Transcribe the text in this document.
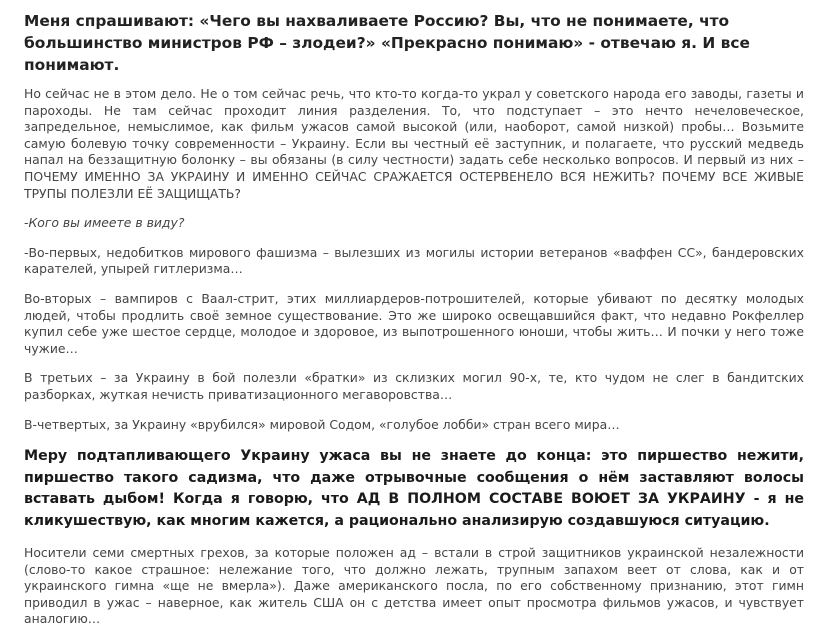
Меня спрашивают: «Чего вы нахваливаете Россию? Вы, что не понимаете, что большинство министров РФ – злодеи?» «Прекрасно понимаю» - отвечаю я. И все понимают.
Но сейчас не в этом дело. Не о том сейчас речь, что кто-то когда-то украл у советского народа его заводы, газеты и пароходы. Не там сейчас проходит линия разделения. То, что подступает – это нечто нечеловеческое, запредельное, немыслимое, как фильм ужасов самой высокой (или, наоборот, самой низкой) пробы… Возьмите самую болевую точку современности – Украину. Если вы честный её заступник, и полагаете, что русский медведь напал на беззащитную болонку – вы обязаны (в силу честности) задать себе несколько вопросов. И первый из них – ПОЧЕМУ ИМЕННО ЗА УКРАИНУ И ИМЕННО СЕЙЧАС СРАЖАЕТСЯ ОСТЕРВЕНЕЛО ВСЯ НЕЖИТЬ? ПОЧЕМУ ВСЕ ЖИВЫЕ ТРУПЫ ПОЛЕЗЛИ ЕЁ ЗАЩИЩАТЬ?
-Кого вы имеете в виду?
-Во-первых, недобитков мирового фашизма – вылезших из могилы истории ветеранов «ваффен СС», бандеровских карателей, упырей гитлеризма…
Во-вторых – вампиров с Ваал-стрит, этих миллиардеров-потрошителей, которые убивают по десятку молодых людей, чтобы продлить своё земное существование. Это же широко освещавшийся факт, что недавно Рокфеллер купил себе уже шестое сердце, молодое и здоровое, из выпотрошенного юноши, чтобы жить… И почки у него тоже чужие…
В третьих – за Украину в бой полезли «братки» из склизких могил 90-х, те, кто чудом не слег в бандитских разборках, жуткая нечисть приватизационного мегаворовства…
В-четвертых, за Украину «врубился» мировой Содом, «голубое лобби» стран всего мира…
Меру подтапливающего Украину ужаса вы не знаете до конца: это пиршество нежити, пиршество такого садизма, что даже отрывочные сообщения о нём заставляют волосы вставать дыбом! Когда я говорю, что АД В ПОЛНОМ СОСТАВЕ ВОЮЕТ ЗА УКРАИНУ - я не кликушествую, как многим кажется, а рационально анализирую создавшуюся ситуацию.
Носители семи смертных грехов, за которые положен ад – встали в строй защитников украинской незалежности (слово-то какое страшное: нележание того, что должно лежать, трупным запахом веет от слова, как и от украинского гимна «ще не вмерла»). Даже американского посла, по его собственному признанию, этот гимн приводил в ужас – наверное, как житель США он с детства имеет опыт просмотра фильмов ужасов, и чувствует аналогию…
